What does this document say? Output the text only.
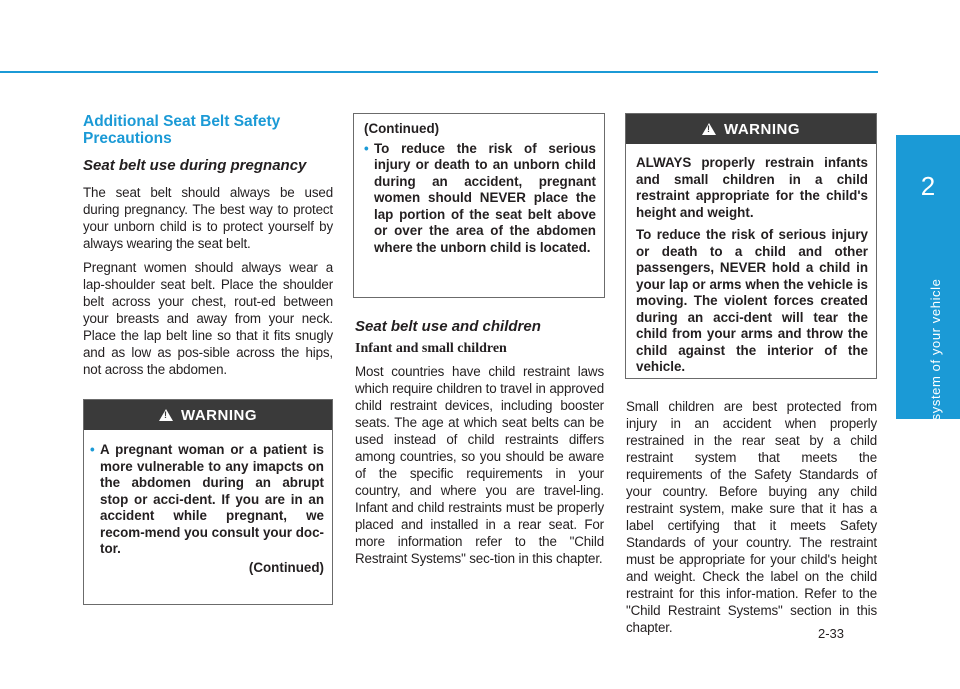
2
Safety system of your vehicle
Additional Seat Belt Safety Precautions
Seat belt use during pregnancy

The seat belt should always be used during pregnancy. The best way to protect your unborn child is to protect yourself by always wearing the seat belt.

Pregnant women should always wear a lap-shoulder seat belt. Place the shoulder belt across your chest, rout-ed between your breasts and away from your neck. Place the lap belt line so that it fits snugly and as low as pos-sible across the hips, not across the abdomen.

!
WARNING
• A pregnant woman or a patient is more vulnerable to any imapcts on the abdomen during an abrupt stop or acci-dent. If you are in an accident while pregnant, we recom-mend you consult your doc-tor.

(Continued)

(Continued)

• To reduce the risk of serious injury or death to an unborn child during an accident, pregnant women should NEVER place the lap portion of the seat belt above or over the area of the abdomen where the unborn child is located.
Seat belt use and children
Infant and small children

Most countries have child restraint laws which require children to travel in approved child restraint devices, including booster seats. The age at which seat belts can be used instead of child restraints differs among countries, so you should be aware of the specific requirements in your country, and where you are travel-ling. Infant and child restraints must be properly placed and installed in a rear seat. For more information refer to the "Child Restraint Systems" sec-tion in this chapter.

!
WARNING

ALWAYS properly restrain infants and small children in a child restraint appropriate for the child's height and weight.

To reduce the risk of serious injury or death to a child and other passengers, NEVER hold a child in your lap or arms when the vehicle is moving. The violent forces created during an acci-dent will tear the child from your arms and throw the child against the interior of the vehicle.

Small children are best protected from injury in an accident when properly restrained in the rear seat by a child restraint system that meets the requirements of the Safety Standards of your country. Before buying any child restraint system, make sure that it has a label certifying that it meets Safety Standards of your country. The restraint must be appropriate for your child's height and weight. Check the label on the child restraint for this infor-mation. Refer to the "Child Restraint Systems" section in this chapter.	2-33
